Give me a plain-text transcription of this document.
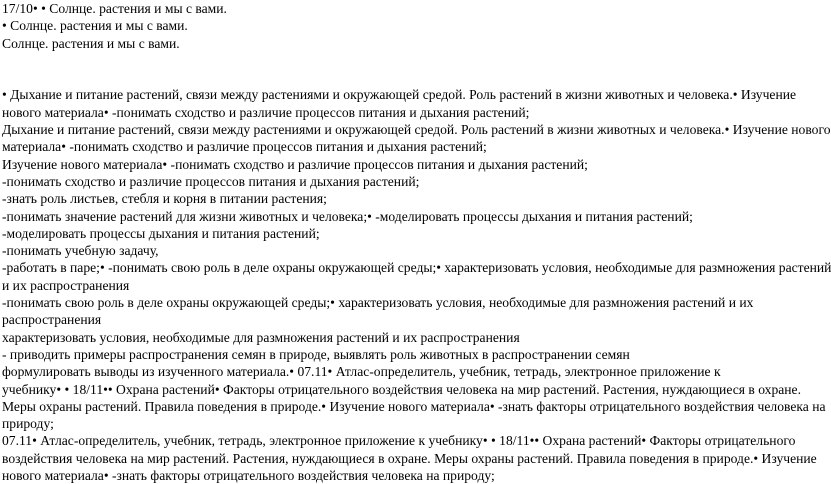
17/10• • Солнце. растения и мы с вами.

• Солнце. растения и мы с вами.

Солнце. растения и мы с вами.

• Дыхание и питание растений, связи между растениями и окружающей средой. Роль растений в жизни животных и человека.• Изучение

нового материала• -понимать сходство и различие процессов питания и дыхания растений;

Дыхание и питание растений, связи между растениями и окружающей средой. Роль растений в жизни животных и человека.• Изучение нового

материала• -понимать сходство и различие процессов питания и дыхания растений;

Изучение нового материала• -понимать сходство и различие процессов питания и дыхания растений;

-понимать сходство и различие процессов питания и дыхания растений;

-знать роль листьев, стебля и корня в питании растения;

-понимать значение растений для жизни животных и человека;• -моделировать процессы дыхания и питания растений;

-моделировать процессы дыхания и питания растений;

-понимать учебную задачу,

-работать в паре;• -понимать свою роль в деле охраны окружающей среды;• характеризовать условия, необходимые для размножения растений

и их распространения

-понимать свою роль в деле охраны окружающей среды;• характеризовать условия, необходимые для размножения растений и их

распространения

характеризовать условия, необходимые для размножения растений и их распространения

- приводить примеры распространения семян в природе, выявлять роль животных в распространении семян

формулировать выводы из изученного материала.• 07.11• Атлас-определитель, учебник, тетрадь, электронное приложение к

учебнику• • 18/11•• Охрана растений• Факторы отрицательного воздействия человека на мир растений. Растения, нуждающиеся в охране.

Меры охраны растений. Правила поведения в природе.• Изучение нового материала• -знать факторы отрицательного воздействия человека на

природу;

07.11• Атлас-определитель, учебник, тетрадь, электронное приложение к учебнику• • 18/11•• Охрана растений• Факторы отрицательного

воздействия человека на мир растений. Растения, нуждающиеся в охране. Меры охраны растений. Правила поведения в природе.• Изучение

нового материала• -знать факторы отрицательного воздействия человека на природу;
